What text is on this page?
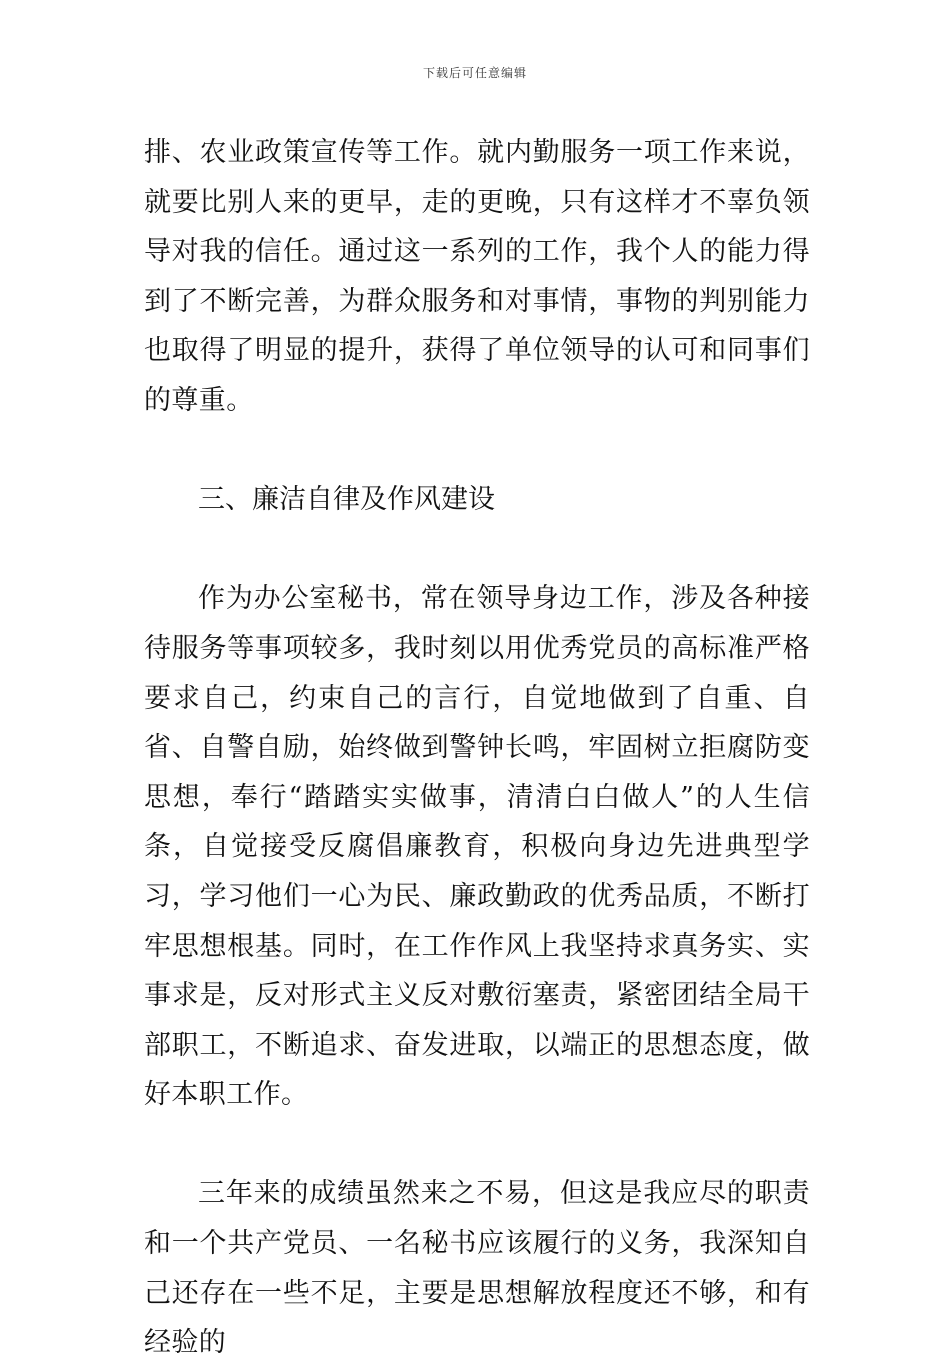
下载后可任意编辑

排、农业政策宣传等工作。就内勤服务一项工作来说，就要比别人来的更早，走的更晚，只有这样才不辜负领导对我的信任。通过这一系列的工作，我个人的能力得到了不断完善，为群众服务和对事情，事物的判别能力也取得了明显的提升，获得了单位领导的认可和同事们的尊重。

三、廉洁自律及作风建设

作为办公室秘书，常在领导身边工作，涉及各种接待服务等事项较多，我时刻以用优秀党员的高标准严格要求自己，约束自己的言行，自觉地做到了自重、自省、自警自励，始终做到警钟长鸣，牢固树立拒腐防变思想，奉行“踏踏实实做事，清清白白做人”的人生信条，自觉接受反腐倡廉教育，积极向身边先进典型学习，学习他们一心为民、廉政勤政的优秀品质，不断打牢思想根基。同时，在工作作风上我坚持求真务实、实事求是，反对形式主义反对敷衍塞责，紧密团结全局干部职工，不断追求、奋发进取，以端正的思想态度，做好本职工作。

三年来的成绩虽然来之不易，但这是我应尽的职责和一个共产党员、一名秘书应该履行的义务，我深知自己还存在一些不足，主要是思想解放程度还不够，和有经验的
